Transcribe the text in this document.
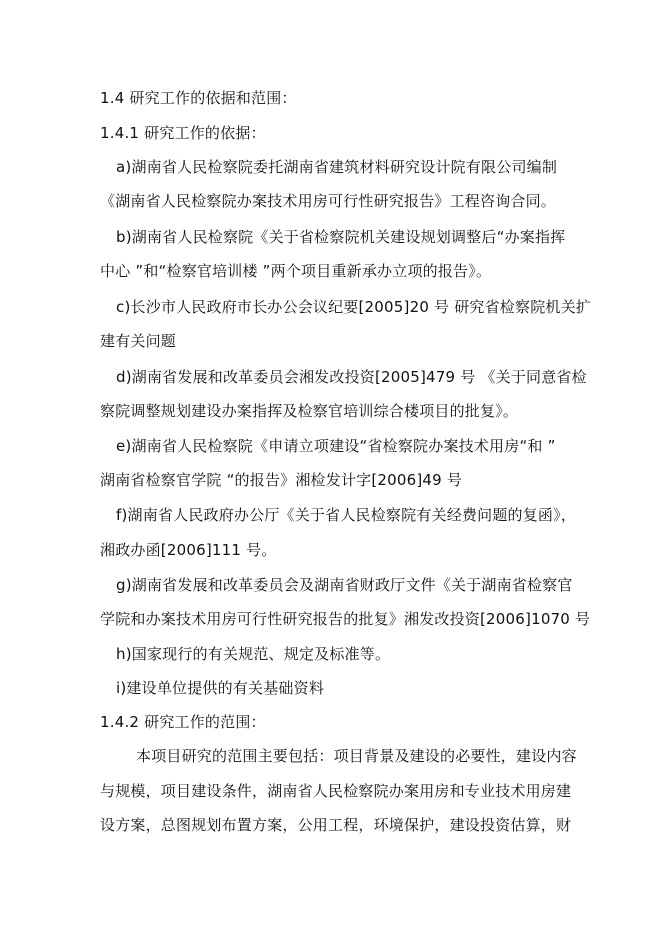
1.4 研究工作的依据和范围：
1.4.1 研究工作的依据：
a)湖南省人民检察院委托湖南省建筑材料研究设计院有限公司编制
《湖南省人民检察院办案技术用房可行性研究报告》工程咨询合同。
b)湖南省人民检察院《关于省检察院机关建设规划调整后“办案指挥
中心 ”和“检察官培训楼 ”两个项目重新承办立项的报告》。
c)长沙市人民政府市长办公会议纪要[2005]20 号 研究省检察院机关扩
建有关问题
d)湖南省发展和改革委员会湘发改投资[2005]479 号 《关于同意省检
察院调整规划建设办案指挥及检察官培训综合楼项目的批复》。
e)湖南省人民检察院《申请立项建设“省检察院办案技术用房“和 ”
湖南省检察官学院 “的报告》湘检发计字[2006]49 号
f)湖南省人民政府办公厅《关于省人民检察院有关经费问题的复函》，
湘政办函[2006]111 号。
g)湖南省发展和改革委员会及湖南省财政厅文件《关于湖南省检察官
学院和办案技术用房可行性研究报告的批复》湘发改投资[2006]1070 号
h)国家现行的有关规范、规定及标准等。
i)建设单位提供的有关基础资料
1.4.2 研究工作的范围：
本项目研究的范围主要包括：项目背景及建设的必要性，建设内容
与规模，项目建设条件，湖南省人民检察院办案用房和专业技术用房建
设方案，总图规划布置方案，公用工程，环境保护，建设投资估算，财
